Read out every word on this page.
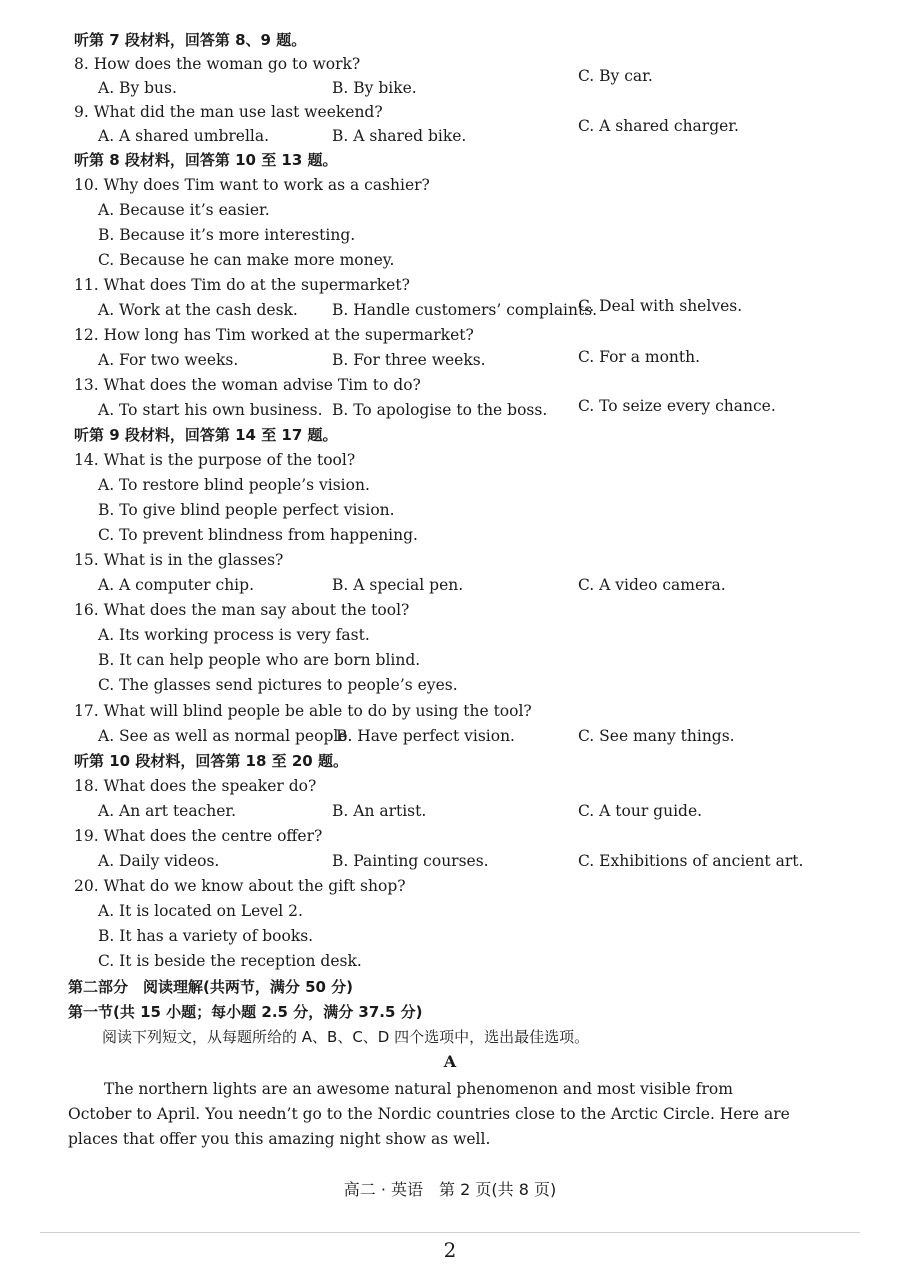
听第 7 段材料，回答第 8、9 题。
8. How does the woman go to work?
A. By bus.	B. By bike.
C. By car.
9. What did the man use last weekend?
A. A shared umbrella.	B. A shared bike.
C. A shared charger.
听第 8 段材料，回答第 10 至 13 题。
10. Why does Tim want to work as a cashier?
A. Because it’s easier.
B. Because it’s more interesting.
C. Because he can make more money.
11. What does Tim do at the supermarket?
A. Work at the cash desk. B. Handle customers’ complaints.
C. Deal with shelves.
12. How long has Tim worked at the supermarket?
A. For two weeks.	B. For three weeks.	C. For a month.
13. What does the woman advise Tim to do?
A. To start his own business. B. To apologise to the boss. C. To seize every chance.
听第 9 段材料，回答第 14 至 17 题。
14. What is the purpose of the tool?
A. To restore blind people’s vision.
B. To give blind people perfect vision.
C. To prevent blindness from happening.
15. What is in the glasses?
A. A computer chip.	B. A special pen.	C. A video camera.
16. What does the man say about the tool?
A. Its working process is very fast.
B. It can help people who are born blind.
C. The glasses send pictures to people’s eyes.
17. What will blind people be able to do by using the tool?
A. See as well as normal people.
B. Have perfect vision.	C. See many things.
听第 10 段材料，回答第 18 至 20 题。
18. What does the speaker do?
A. An art teacher.	B. An artist.	C. A tour guide.
19. What does the centre offer?
A. Daily videos.	B. Painting courses.	C. Exhibitions of ancient art.
20. What do we know about the gift shop?
A. It is located on Level 2.
B. It has a variety of books.
C. It is beside the reception desk.
第二部分　阅读理解(共两节，满分 50 分)
第一节(共 15 小题；每小题 2.5 分，满分 37.5 分)
阅读下列短文，从每题所给的 A、B、C、D 四个选项中，选出最佳选项。
A
The northern lights are an awesome natural phenomenon and most visible from October to April. You needn’t go to the Nordic countries close to the Arctic Circle. Here are places that offer you this amazing night show as well.
高二 · 英语　第 2 页(共 8 页)
2
